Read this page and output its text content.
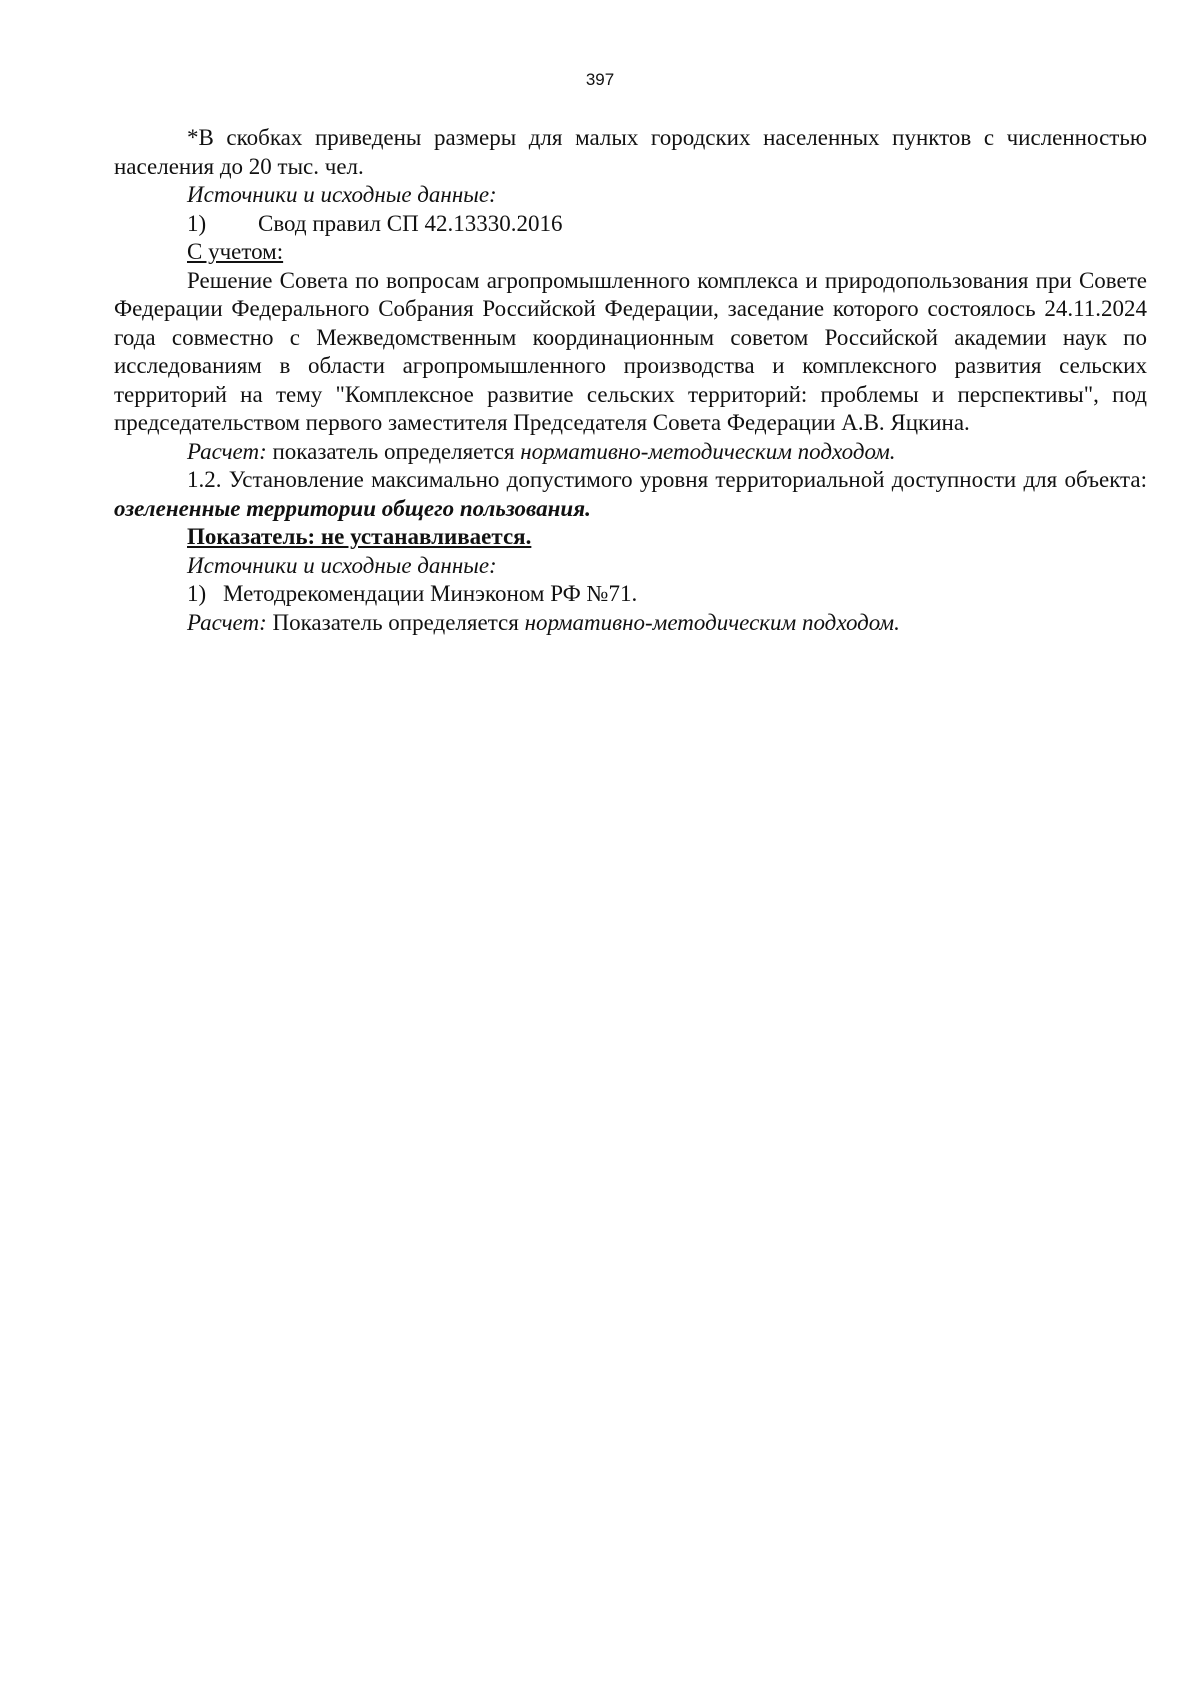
397

*В скобках приведены размеры для малых городских населенных пунктов с численностью населения до 20 тыс. чел.

Источники и исходные данные:

1) Свод правил СП 42.13330.2016

С учетом:

Решение Совета по вопросам агропромышленного комплекса и природопользования при Совете Федерации Федерального Собрания Российской Федерации, заседание которого состоялось 24.11.2024 года совместно с Межведомственным координационным советом Российской академии наук по исследованиям в области агропромышленного производства и комплексного развития сельских территорий на тему "Комплексное развитие сельских территорий: проблемы и перспективы", под председательством первого заместителя Председателя Совета Федерации А.В. Яцкина.

Расчет: показатель определяется нормативно-методическим подходом.

1.2. Установление максимально допустимого уровня территориальной доступности для объекта: озелененные территории общего пользования.

Показатель: не устанавливается.

Источники и исходные данные:

1) Методрекомендации Минэконом РФ №71.

Расчет: Показатель определяется нормативно-методическим подходом.
